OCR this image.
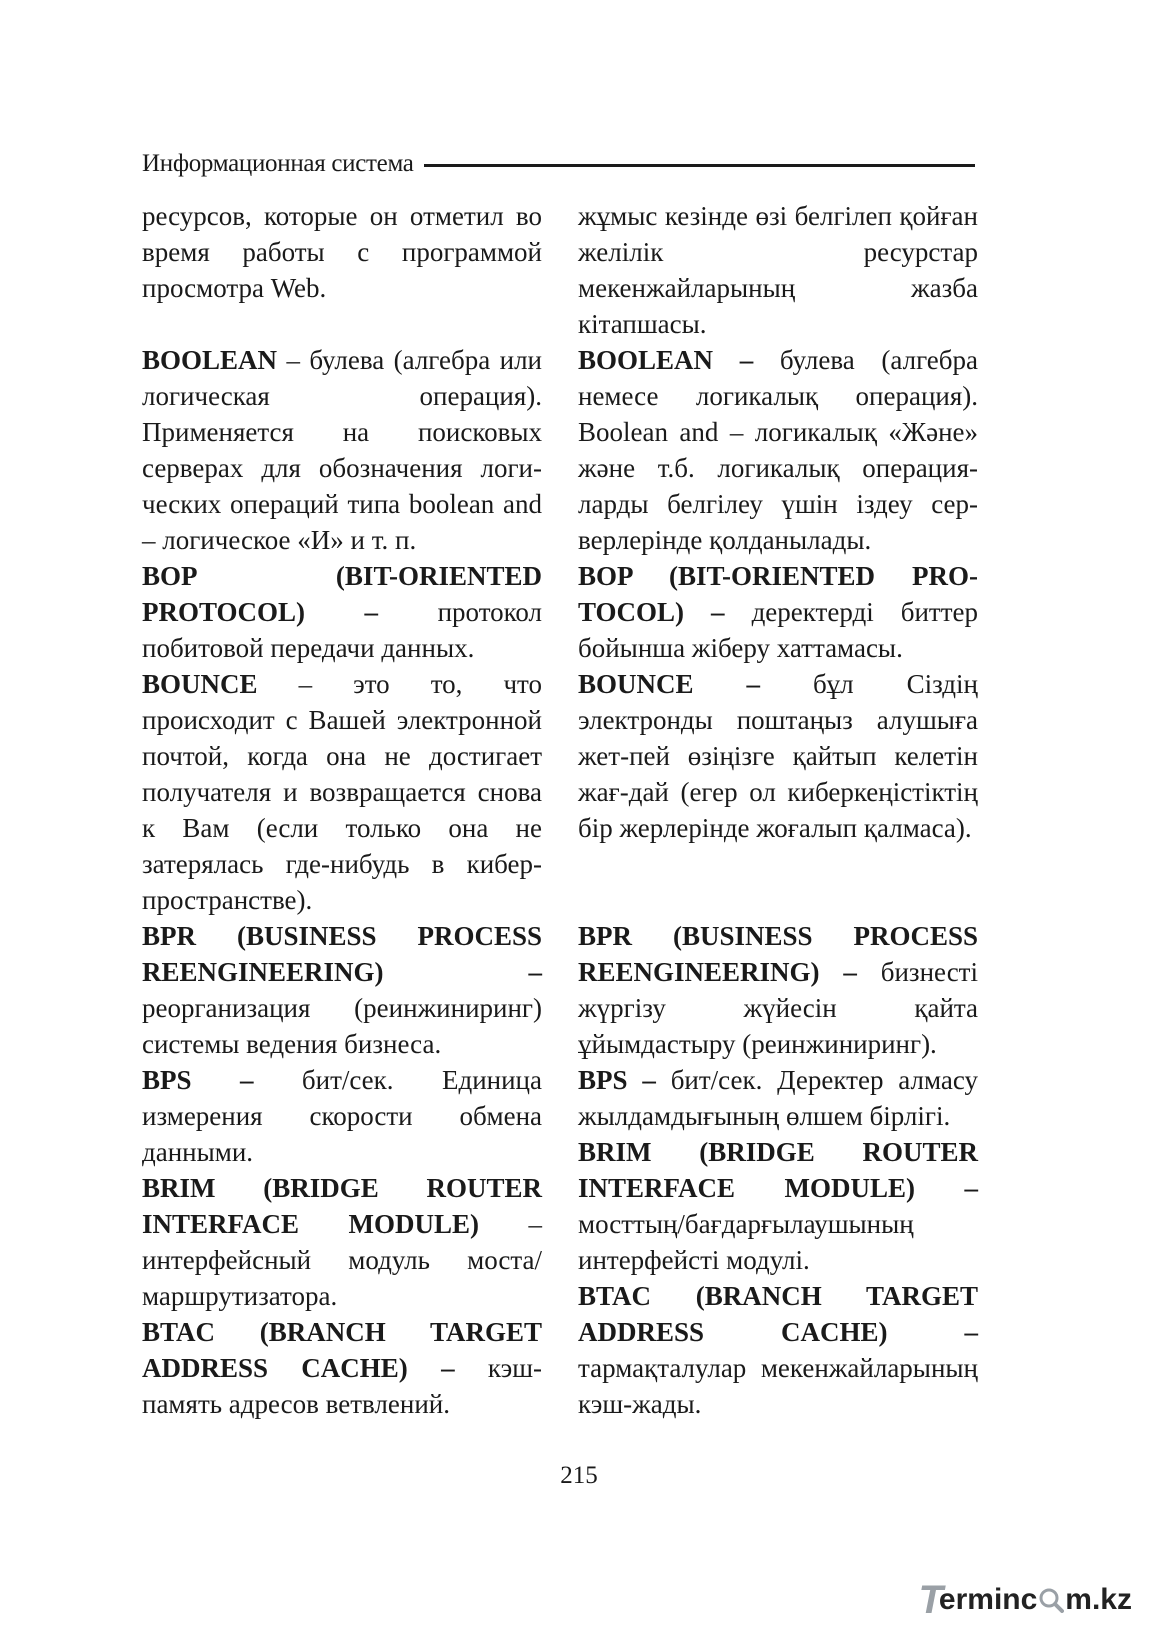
Информационная система

ресурсов, которые он отметил во время работы с программой просмотра Web.

BOOLEAN – булева (алгебра или логическая операция). Применяется на поисковых серверах для обозначения логи-ческих операций типа boolean and – логическое «И» и т. п.

BOP (BIT-ORIENTED PROTOCOL) – протокол побитовой передачи данных.

BOUNCE – это то, что происходит с Вашей электронной почтой, когда она не достигает получателя и возвращается снова к Вам (если только она не затерялась где-нибудь в кибер-пространстве).

BPR (BUSINESS PROCESS REENGINEERING) – реорганизация (реинжиниринг) системы ведения бизнеса.

BPS – бит/сек. Единица измерения скорости обмена данными.

BRIM (BRIDGE ROUTER INTERFACE MODULE) – интерфейсный модуль моста/маршрутизатора.

BTAC (BRANCH TARGET ADDRESS CACHE) – кэш-память адресов ветвлений.

жұмыс кезінде өзі белгілеп қойған желілік ресурстар мекенжайларының жазба кітапшасы.

BOOLEAN – булева (алгебра немесе логикалық операция). Boolean and – логикалық «Және» және т.б. логикалық операция-ларды белгілеу үшін іздеу сер-верлерінде қолданылады.

BOP (BIT-ORIENTED PRO-TOCOL) – деректерді биттер бойынша жіберу хаттамасы.

BOUNCE – бұл Сіздің электронды поштаңыз алушыға жет-пей өзіңізге қайтып келетін жағ-дай (егер ол киберкеңістіктің бір жерлерінде жоғалып қалмаса).

BPR (BUSINESS PROCESS REENGINEERING) – бизнесті жүргізу жүйесін қайта ұйымдастыру (реинжиниринг).

BPS – бит/сек. Деректер алмасу жылдамдығының өлшем бірлігі.

BRIM (BRIDGE ROUTER INTERFACE MODULE) – мосттың/бағдарғылаушының интерфейсті модулі.

BTAC (BRANCH TARGET ADDRESS CACHE) – тармақталулар мекенжайларының кэш-жады.

215
T
erminc m.kz
